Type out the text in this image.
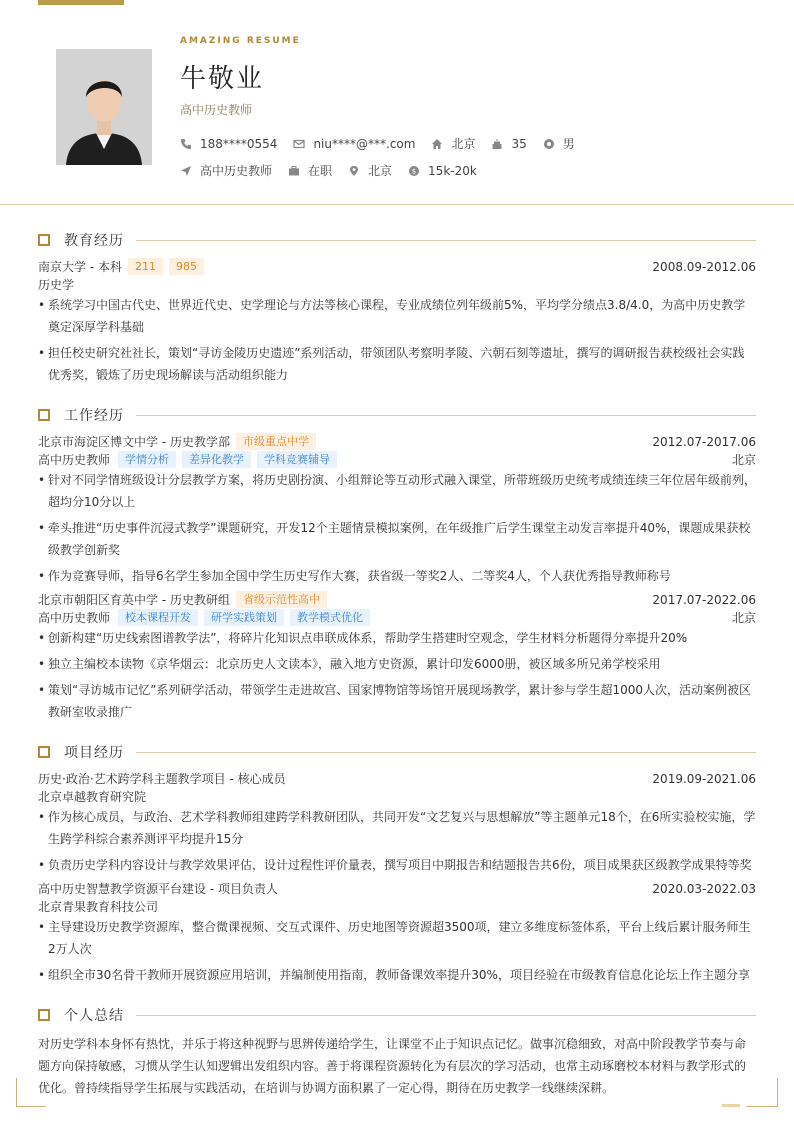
AMAZING RESUME
牛敬业
高中历史教师
188****0554	niu****@***.com	北京	35	男
高中历史教师	在职	北京	$ 15k-20k
教育经历
南京大学 - 本科	211	985	2008.09-2012.06
历史学
• 系统学习中国古代史、世界近代史、史学理论与方法等核心课程，专业成绩位列年级前5%，平均学分绩点3.8/4.0，为高中历史教学奠定深厚学科基础
• 担任校史研究社社长，策划“寻访金陵历史遗迹”系列活动，带领团队考察明孝陵、六朝石刻等遗址，撰写的调研报告获校级社会实践优秀奖，锻炼了历史现场解读与活动组织能力
工作经历
北京市海淀区博文中学 - 历史教学部	市级重点中学	2012.07-2017.06
高中历史教师	学情分析	差异化教学	学科竞赛辅导	北京
• 针对不同学情班级设计分层教学方案，将历史剧扮演、小组辩论等互动形式融入课堂，所带班级历史统考成绩连续三年位居年级前列，超均分10分以上
• 牵头推进“历史事件沉浸式教学”课题研究，开发12个主题情景模拟案例，在年级推广后学生课堂主动发言率提升40%，课题成果获校级教学创新奖
• 作为竞赛导师，指导6名学生参加全国中学生历史写作大赛，获省级一等奖2人、二等奖4人，个人获优秀指导教师称号
北京市朝阳区育英中学 - 历史教研组	省级示范性高中	2017.07-2022.06
高中历史教师	校本课程开发	研学实践策划	教学模式优化	北京
• 创新构建“历史线索图谱教学法”，将碎片化知识点串联成体系，帮助学生搭建时空观念，学生材料分析题得分率提升20%
• 独立主编校本读物《京华烟云：北京历史人文读本》，融入地方史资源，累计印发6000册，被区域多所兄弟学校采用
• 策划“寻访城市记忆”系列研学活动，带领学生走进故宫、国家博物馆等场馆开展现场教学，累计参与学生超1000人次，活动案例被区教研室收录推广
项目经历
历史·政治·艺术跨学科主题教学项目 - 核心成员	2019.09-2021.06
北京卓越教育研究院
• 作为核心成员，与政治、艺术学科教师组建跨学科教研团队，共同开发“文艺复兴与思想解放”等主题单元18个，在6所实验校实施，学生跨学科综合素养测评平均提升15分
• 负责历史学科内容设计与教学效果评估，设计过程性评价量表，撰写项目中期报告和结题报告共6份，项目成果获区级教学成果特等奖
高中历史智慧教学资源平台建设 - 项目负责人	2020.03-2022.03
北京青果教育科技公司
• 主导建设历史教学资源库，整合微课视频、交互式课件、历史地图等资源超3500项，建立多维度标签体系，平台上线后累计服务师生2万人次
• 组织全市30名骨干教师开展资源应用培训，并编制使用指南，教师备课效率提升30%，项目经验在市级教育信息化论坛上作主题分享
个人总结
对历史学科本身怀有热忱，并乐于将这种视野与思辨传递给学生，让课堂不止于知识点记忆。做事沉稳细致，对高中阶段教学节奏与命题方向保持敏感，习惯从学生认知逻辑出发组织内容。善于将课程资源转化为有层次的学习活动，也常主动琢磨校本材料与教学形式的优化。曾持续指导学生拓展与实践活动，在培训与协调方面积累了一定心得，期待在历史教学一线继续深耕。
